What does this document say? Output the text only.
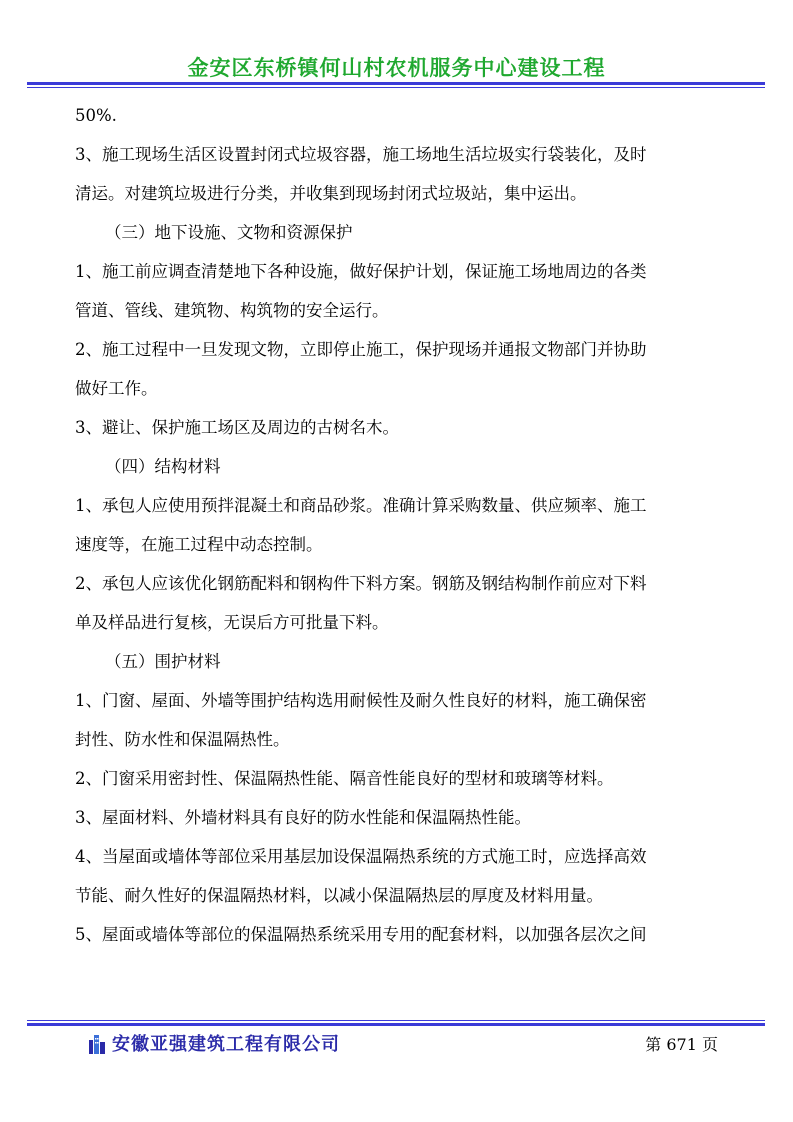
金安区东桥镇何山村农机服务中心建设工程

50%.

3、施工现场生活区设置封闭式垃圾容器，施工场地生活垃圾实行袋装化，及时

清运。对建筑垃圾进行分类，并收集到现场封闭式垃圾站，集中运出。

（三）地下设施、文物和资源保护

1、施工前应调查清楚地下各种设施，做好保护计划，保证施工场地周边的各类

管道、管线、建筑物、构筑物的安全运行。

2、施工过程中一旦发现文物，立即停止施工，保护现场并通报文物部门并协助

做好工作。

3、避让、保护施工场区及周边的古树名木。

（四）结构材料

1、承包人应使用预拌混凝土和商品砂浆。准确计算采购数量、供应频率、施工

速度等，在施工过程中动态控制。

2、承包人应该优化钢筋配料和钢构件下料方案。钢筋及钢结构制作前应对下料

单及样品进行复核，无误后方可批量下料。

（五）围护材料

1、门窗、屋面、外墙等围护结构选用耐候性及耐久性良好的材料，施工确保密

封性、防水性和保温隔热性。

2、门窗采用密封性、保温隔热性能、隔音性能良好的型材和玻璃等材料。

3、屋面材料、外墙材料具有良好的防水性能和保温隔热性能。

4、当屋面或墙体等部位采用基层加设保温隔热系统的方式施工时，应选择高效

节能、耐久性好的保温隔热材料，以减小保温隔热层的厚度及材料用量。

5、屋面或墙体等部位的保温隔热系统采用专用的配套材料，以加强各层次之间

安徽亚强建筑工程有限公司	第 671 页
